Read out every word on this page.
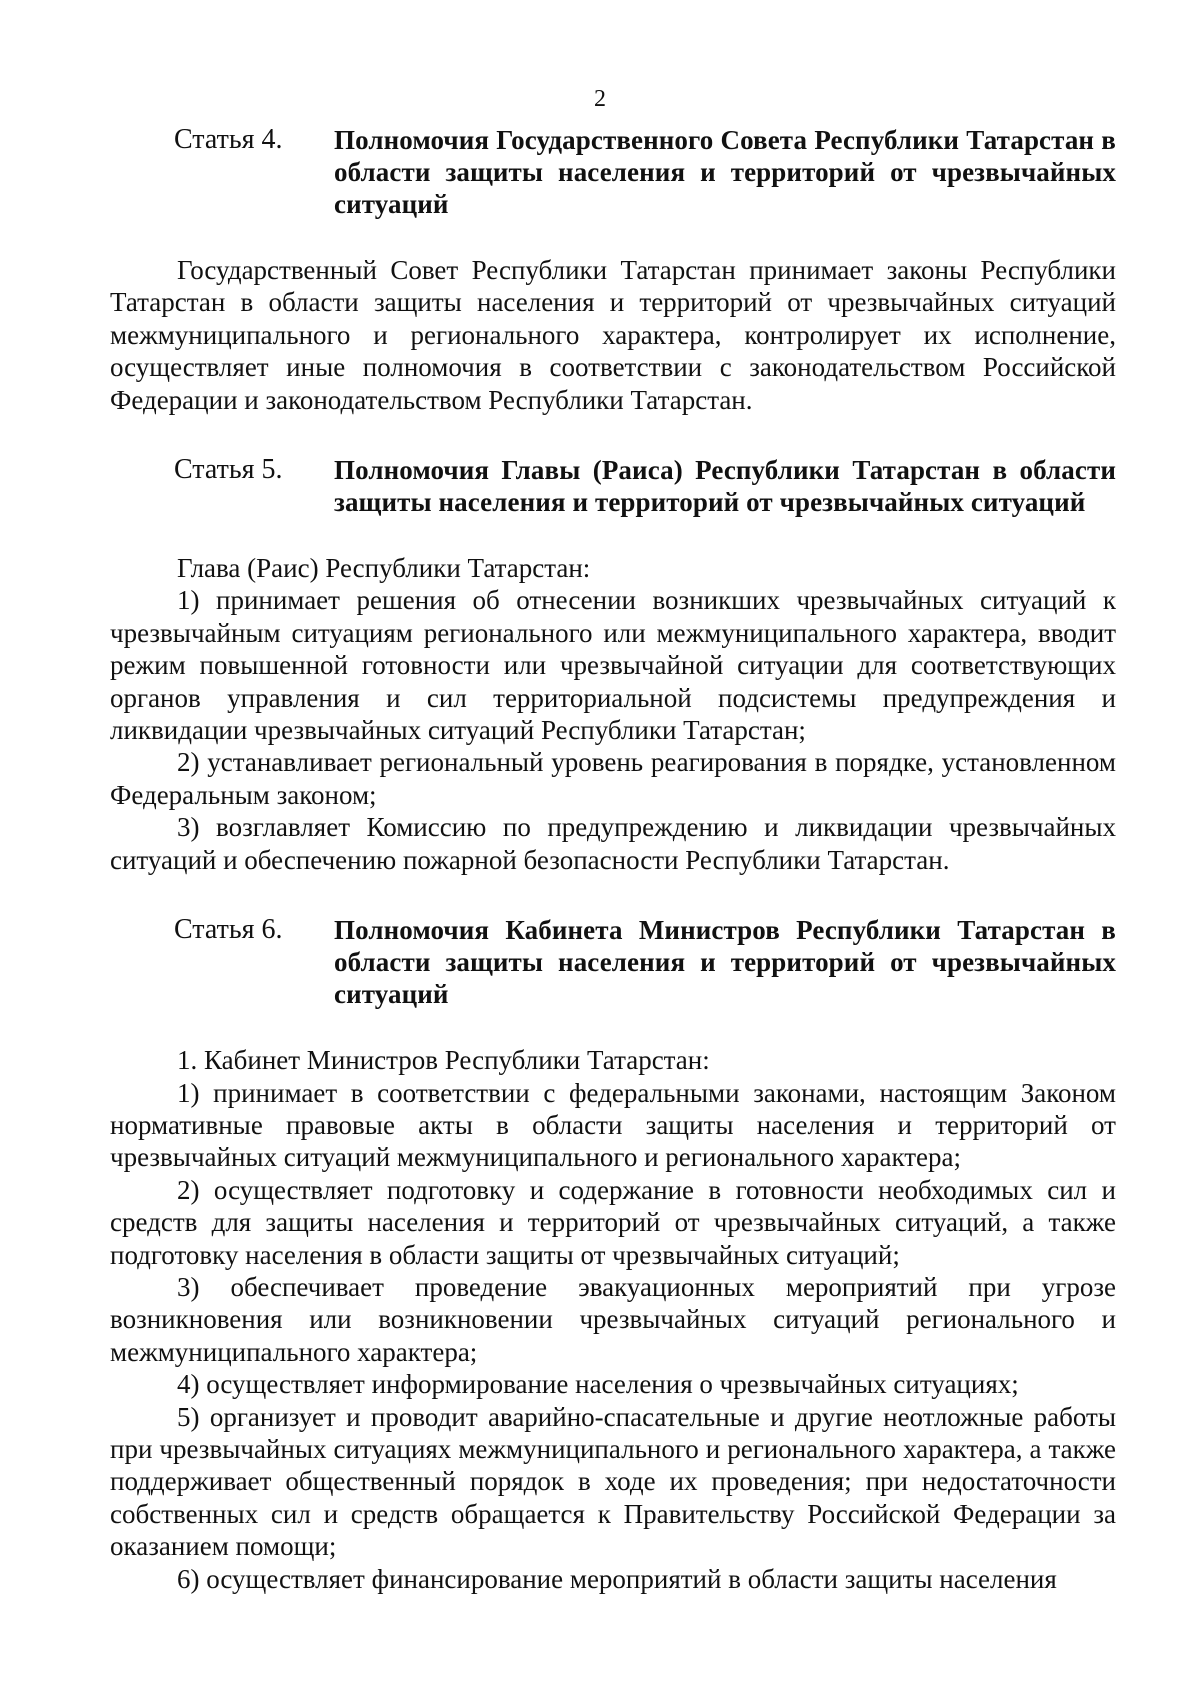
2
Статья 4. Полномочия Государственного Совета Республики Татарстан в области защиты населения и территорий от чрезвычайных ситуаций

Государственный Совет Республики Татарстан принимает законы Республики Татарстан в области защиты населения и территорий от чрезвычайных ситуаций межмуниципального и регионального характера, контролирует их исполнение, осуществляет иные полномочия в соответствии с законодательством Российской Федерации и законодательством Республики Татарстан.

Статья 5. Полномочия Главы (Раиса) Республики Татарстан в области защиты населения и территорий от чрезвычайных ситуаций

Глава (Раис) Республики Татарстан:

1) принимает решения об отнесении возникших чрезвычайных ситуаций к чрезвычайным ситуациям регионального или межмуниципального характера, вводит режим повышенной готовности или чрезвычайной ситуации для соответствующих органов управления и сил территориальной подсистемы предупреждения и ликвидации чрезвычайных ситуаций Республики Татарстан;

2) устанавливает региональный уровень реагирования в порядке, установленном Федеральным законом;

3) возглавляет Комиссию по предупреждению и ликвидации чрезвычайных ситуаций и обеспечению пожарной безопасности Республики Татарстан.

Статья 6. Полномочия Кабинета Министров Республики Татарстан в области защиты населения и территорий от чрезвычайных ситуаций

1. Кабинет Министров Республики Татарстан:

1) принимает в соответствии с федеральными законами, настоящим Законом нормативные правовые акты в области защиты населения и территорий от чрезвычайных ситуаций межмуниципального и регионального характера;

2) осуществляет подготовку и содержание в готовности необходимых сил и средств для защиты населения и территорий от чрезвычайных ситуаций, а также подготовку населения в области защиты от чрезвычайных ситуаций;

3) обеспечивает проведение эвакуационных мероприятий при угрозе возникновения или возникновении чрезвычайных ситуаций регионального и межмуниципального характера;

4) осуществляет информирование населения о чрезвычайных ситуациях;

5) организует и проводит аварийно-спасательные и другие неотложные работы при чрезвычайных ситуациях межмуниципального и регионального характера, а также поддерживает общественный порядок в ходе их проведения; при недостаточности собственных сил и средств обращается к Правительству Российской Федерации за оказанием помощи;

6) осуществляет финансирование мероприятий в области защиты населения
